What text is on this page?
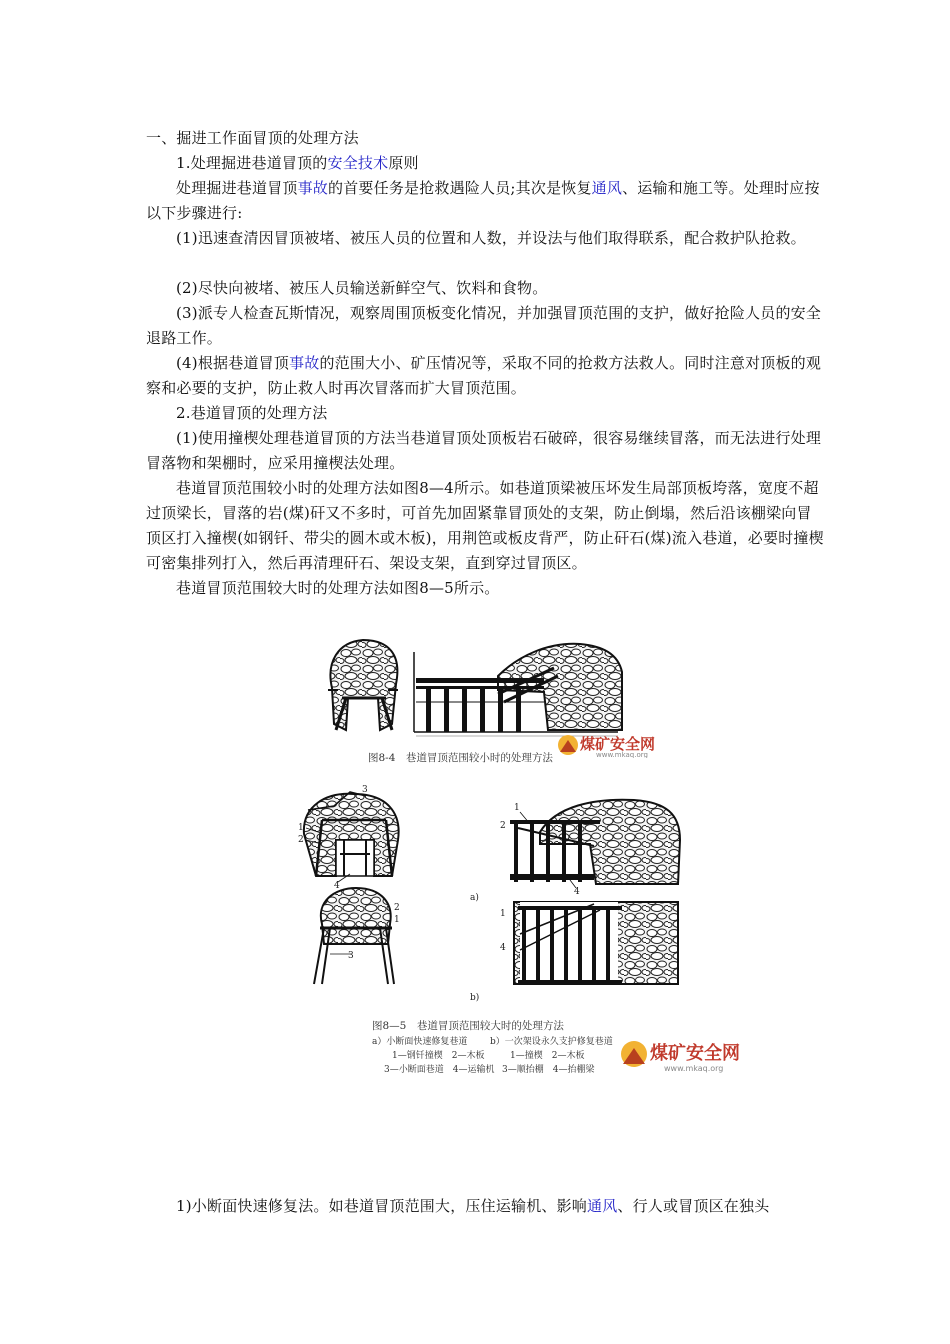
一、掘进工作面冒顶的处理方法
1.处理掘进巷道冒顶的安全技术原则
处理掘进巷道冒顶事故的首要任务是抢救遇险人员;其次是恢复通风、运输和施工等。处理时应按以下步骤进行:
(1)迅速查清因冒顶被堵、被压人员的位置和人数，并设法与他们取得联系，配合救护队抢救。
(2)尽快向被堵、被压人员输送新鲜空气、饮料和食物。
(3)派专人检查瓦斯情况，观察周围顶板变化情况，并加强冒顶范围的支护，做好抢险人员的安全退路工作。
(4)根据巷道冒顶事故的范围大小、矿压情况等，采取不同的抢救方法救人。同时注意对顶板的观察和必要的支护，防止救人时再次冒落而扩大冒顶范围。
2.巷道冒顶的处理方法
(1)使用撞楔处理巷道冒顶的方法当巷道冒顶处顶板岩石破碎，很容易继续冒落，而无法进行处理冒落物和架棚时，应采用撞楔法处理。
巷道冒顶范围较小时的处理方法如图8—4所示。如巷道顶梁被压坏发生局部顶板垮落，宽度不超过顶梁长，冒落的岩(煤)矸又不多时，可首先加固紧靠冒顶处的支架，防止倒塌，然后沿该棚梁向冒顶区打入撞楔(如钢钎、带尖的圆木或木板)，用荆笆或板皮背严，防止矸石(煤)流入巷道，必要时撞楔可密集排列打入，然后再清理矸石、架设支架，直到穿过冒顶区。
巷道冒顶范围较大时的处理方法如图8—5所示。
图8-4　巷道冒顶范围较小时的处理方法
煤矿安全网
www.mkaq.org
3
1
2
4
2
1
4
a)
3
2
1
1
4
b)
图8—5　巷道冒顶范围较大时的处理方法
a）小断面快速修复巷道
1—钢钎撞楔　2—木板
3—小断面巷道　4—运输机
b）一次架设永久支护修复巷道
1—撞楔　2—木板
3—顺抬棚　4—抬棚梁
煤矿安全网
www.mkaq.org
1)小断面快速修复法。如巷道冒顶范围大，压住运输机、影响通风、行人或冒顶区在独头
